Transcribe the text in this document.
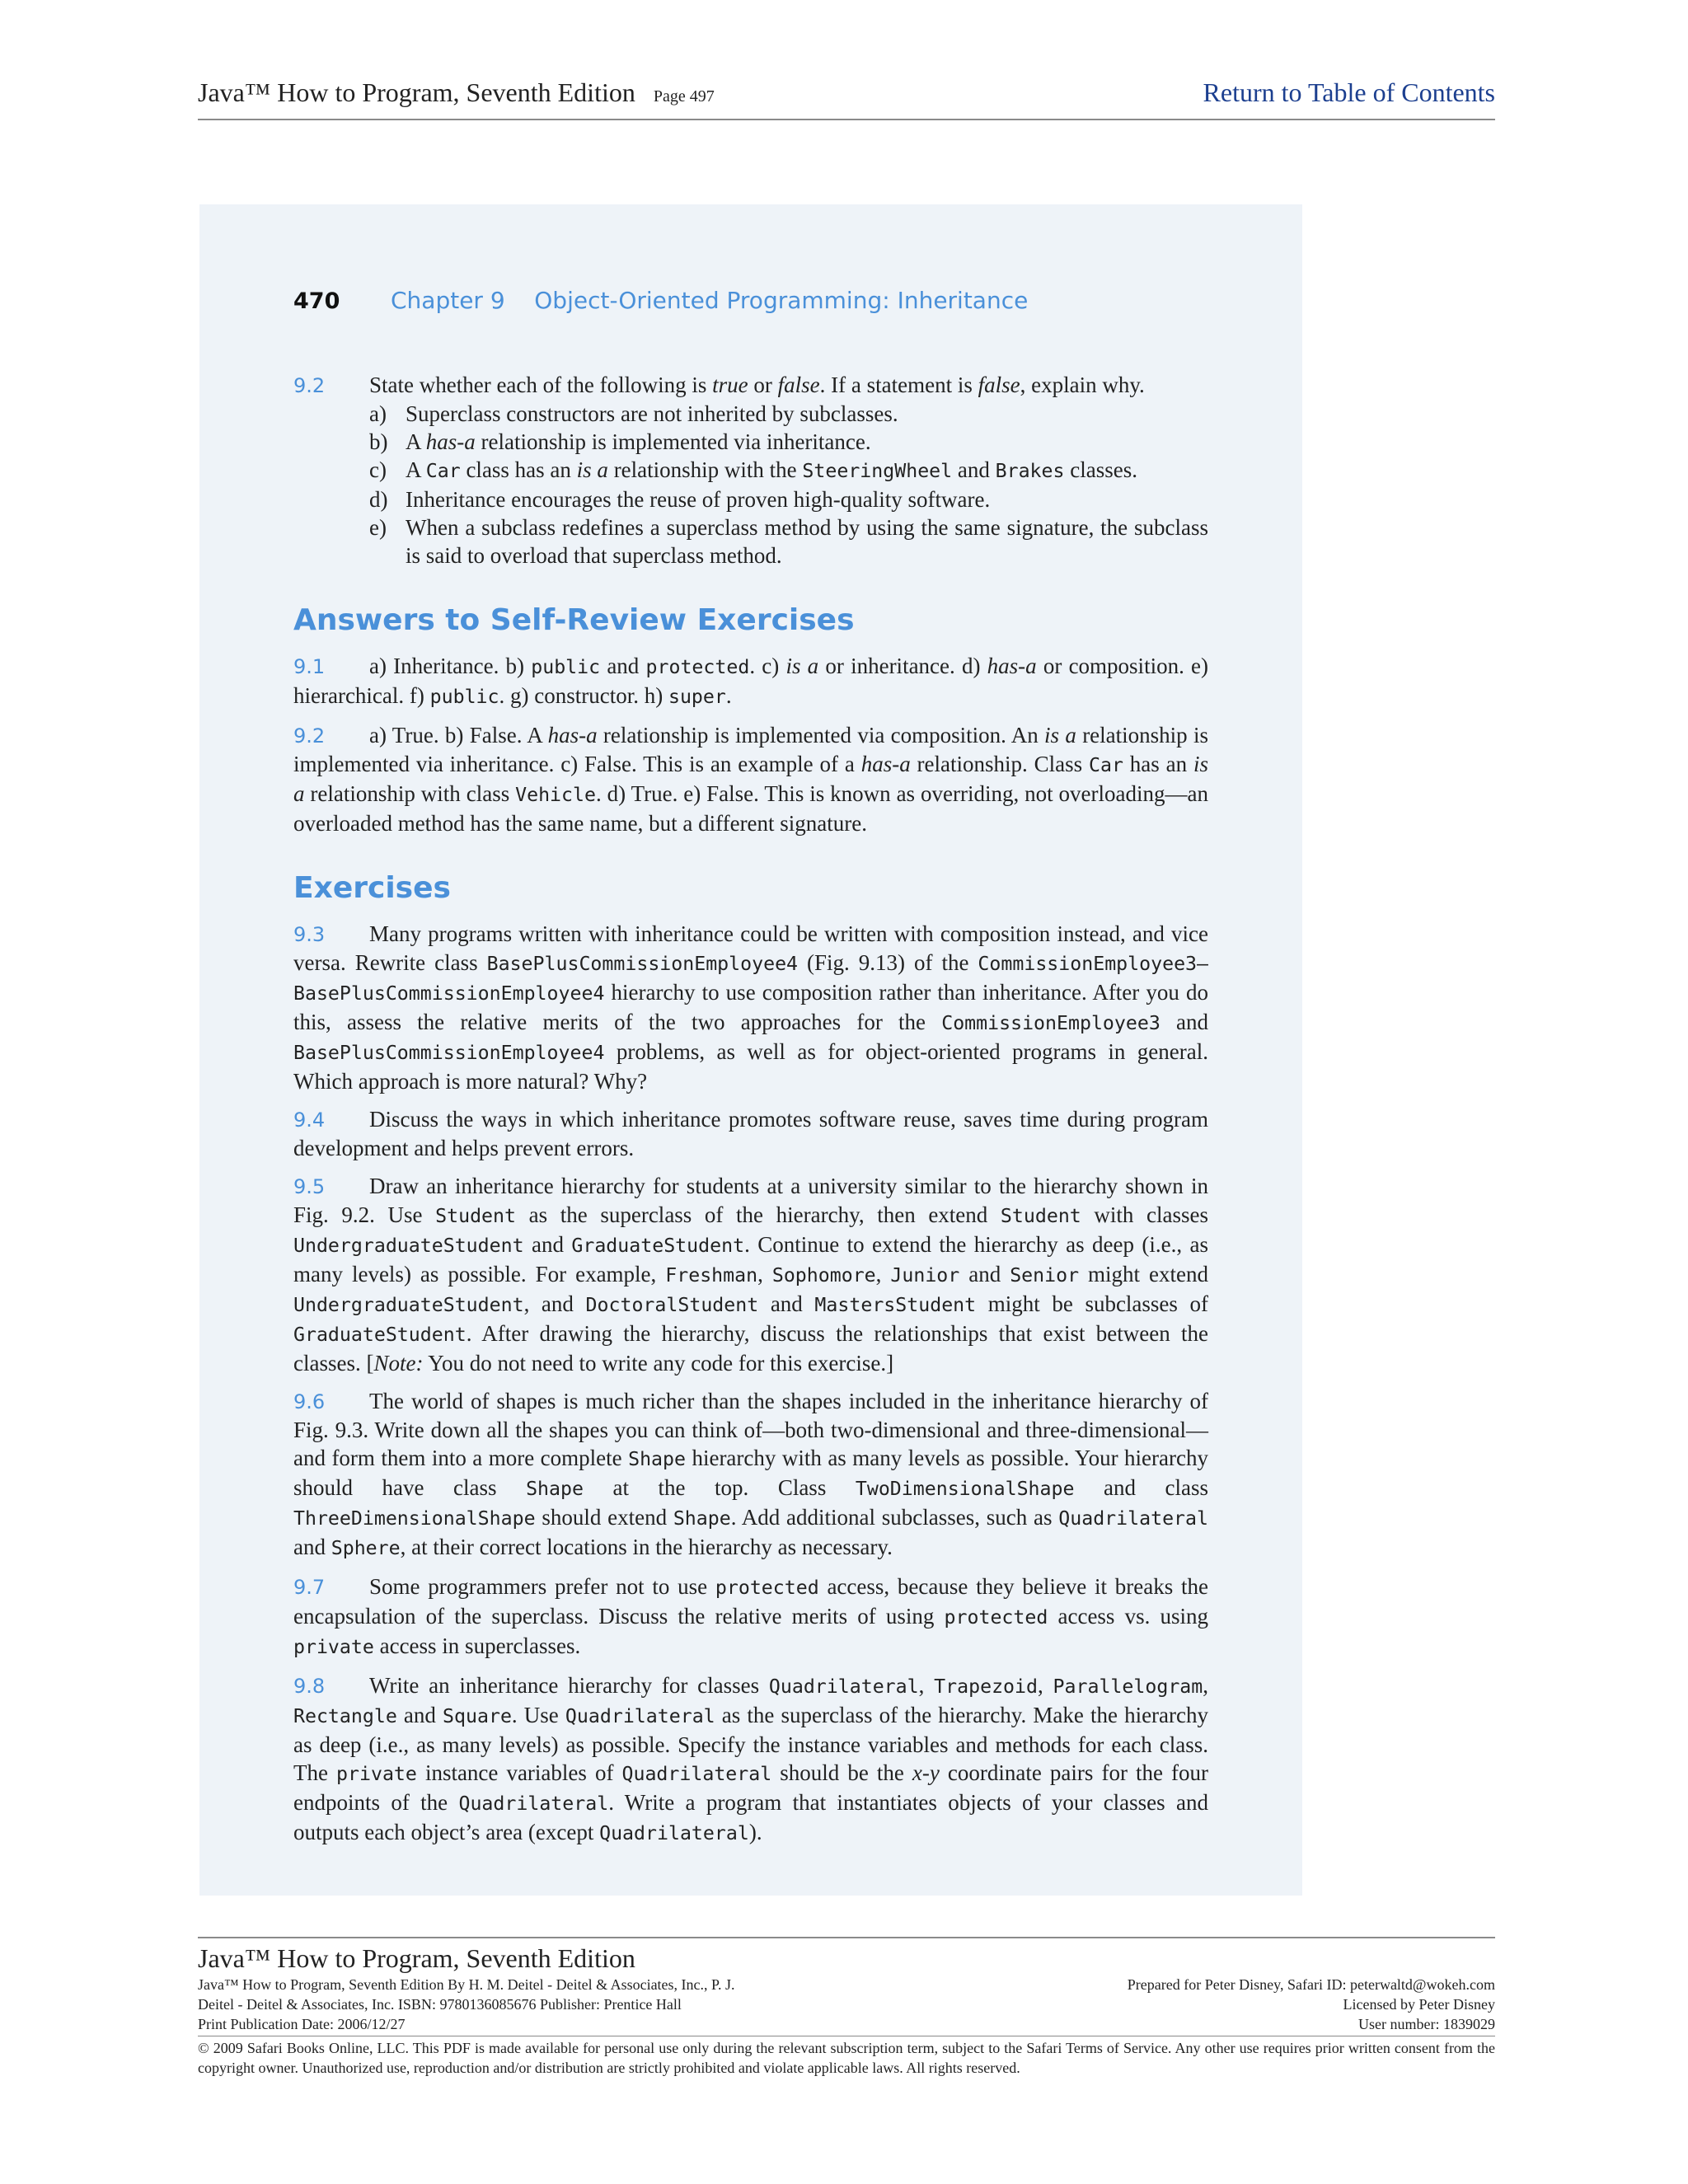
Java™ How to Program, Seventh Edition Page 497	Return to Table of Contents
470 Chapter 9    Object-Oriented Programming: Inheritance

9.2 State whether each of the following is true or false. If a statement is false, explain why.

a) Superclass constructors are not inherited by subclasses.
b) A has-a relationship is implemented via inheritance.
c) A Car class has an is a relationship with the SteeringWheel and Brakes classes.
d) Inheritance encourages the reuse of proven high-quality software.
e) When a subclass redefines a superclass method by using the same signature, the subclass is said to overload that superclass method.
Answers to Self-Review Exercises

9.1 a) Inheritance. b) public and protected. c) is a or inheritance. d) has-a or composition. e) hierarchical. f) public. g) constructor. h) super.

9.2 a) True. b) False. A has-a relationship is implemented via composition. An is a relationship is implemented via inheritance. c) False. This is an example of a has-a relationship. Class Car has an is a relationship with class Vehicle. d) True. e) False. This is known as overriding, not overloading—an overloaded method has the same name, but a different signature.

Exercises

9.3 Many programs written with inheritance could be written with composition instead, and vice versa. Rewrite class BasePlusCommissionEmployee4 (Fig. 9.13) of the CommissionEmployee3–BasePlusCommissionEmployee4 hierarchy to use composition rather than inheritance. After you do this, assess the relative merits of the two approaches for the CommissionEmployee3 and BasePlusCommissionEmployee4 problems, as well as for object-oriented programs in general. Which approach is more natural? Why?

9.4 Discuss the ways in which inheritance promotes software reuse, saves time during program development and helps prevent errors.

9.5 Draw an inheritance hierarchy for students at a university similar to the hierarchy shown in Fig. 9.2. Use Student as the superclass of the hierarchy, then extend Student with classes UndergraduateStudent and GraduateStudent. Continue to extend the hierarchy as deep (i.e., as many levels) as possible. For example, Freshman, Sophomore, Junior and Senior might extend UndergraduateStudent, and DoctoralStudent and MastersStudent might be subclasses of GraduateStudent. After drawing the hierarchy, discuss the relationships that exist between the classes. [Note: You do not need to write any code for this exercise.]

9.6 The world of shapes is much richer than the shapes included in the inheritance hierarchy of Fig. 9.3. Write down all the shapes you can think of—both two-dimensional and three-dimensional—and form them into a more complete Shape hierarchy with as many levels as possible. Your hierarchy should have class Shape at the top. Class TwoDimensionalShape and class ThreeDimensionalShape should extend Shape. Add additional subclasses, such as Quadrilateral and Sphere, at their correct locations in the hierarchy as necessary.

9.7 Some programmers prefer not to use protected access, because they believe it breaks the encapsulation of the superclass. Discuss the relative merits of using protected access vs. using private access in superclasses.

9.8 Write an inheritance hierarchy for classes Quadrilateral, Trapezoid, Parallelogram, Rectangle and Square. Use Quadrilateral as the superclass of the hierarchy. Make the hierarchy as deep (i.e., as many levels) as possible. Specify the instance variables and methods for each class. The private instance variables of Quadrilateral should be the x-y coordinate pairs for the four endpoints of the Quadrilateral. Write a program that instantiates objects of your classes and outputs each object’s area (except Quadrilateral).

Java™ How to Program, Seventh Edition
Java™ How to Program, Seventh Edition By H. M. Deitel - Deitel & Associates, Inc., P. J.
Deitel - Deitel & Associates, Inc. ISBN: 9780136085676 Publisher: Prentice Hall
Print Publication Date: 2006/12/27
Prepared for Peter Disney, Safari ID: peterwaltd@wokeh.com
Licensed by Peter Disney
User number: 1839029
© 2009 Safari Books Online, LLC. This PDF is made available for personal use only during the relevant subscription term, subject to the Safari Terms of Service. Any other use requires prior written consent from the copyright owner. Unauthorized use, reproduction and/or distribution are strictly prohibited and violate applicable laws. All rights reserved.
